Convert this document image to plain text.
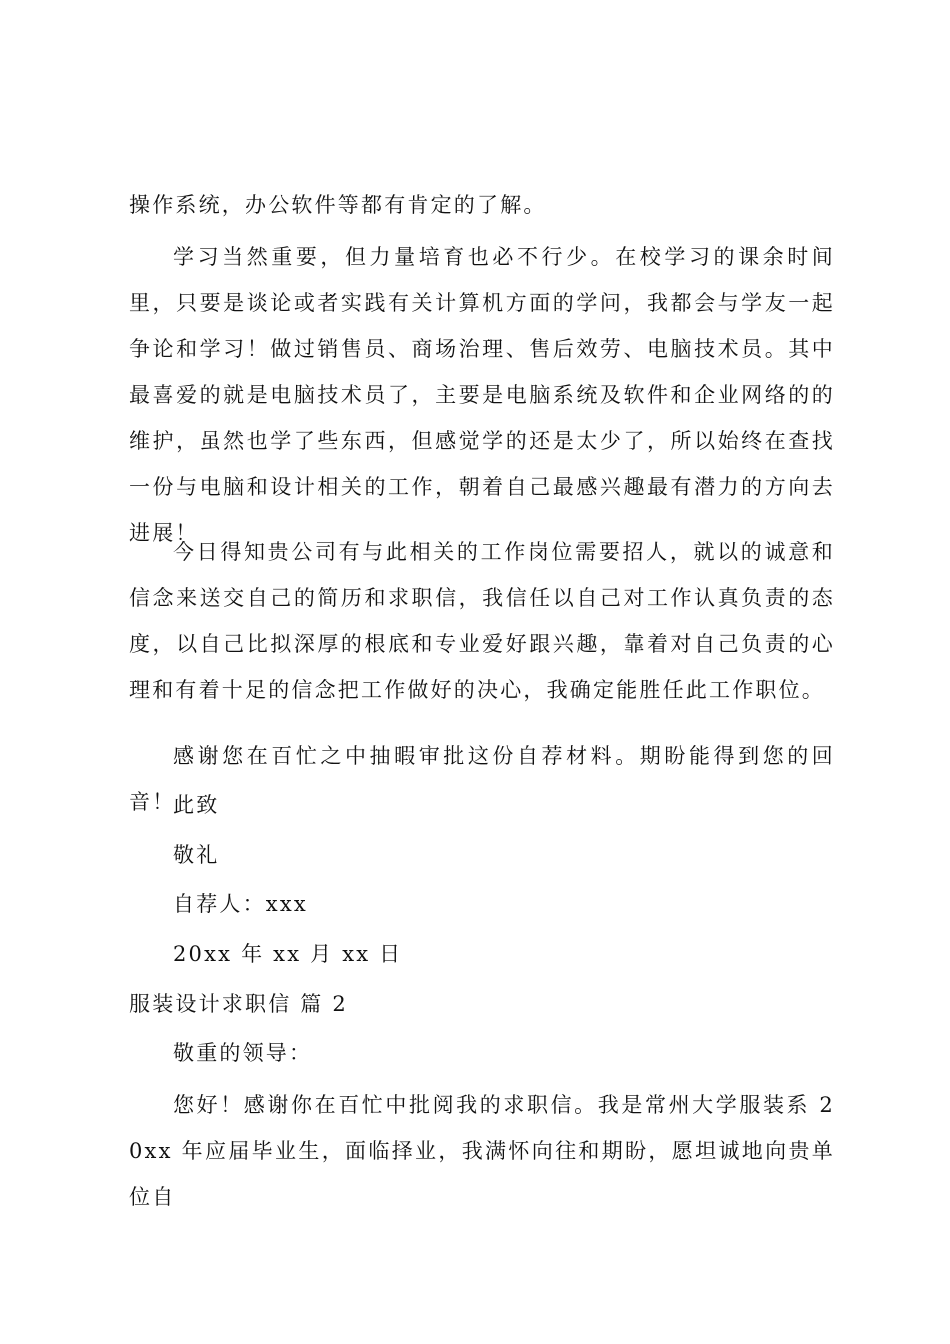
操作系统，办公软件等都有肯定的了解。
学习当然重要，但力量培育也必不行少。在校学习的课余时间里，只要是谈论或者实践有关计算机方面的学问，我都会与学友一起争论和学习！做过销售员、商场治理、售后效劳、电脑技术员。其中最喜爱的就是电脑技术员了，主要是电脑系统及软件和企业网络的的维护，虽然也学了些东西，但感觉学的还是太少了，所以始终在查找一份与电脑和设计相关的工作，朝着自己最感兴趣最有潜力的方向去进展！
今日得知贵公司有与此相关的工作岗位需要招人，就以的诚意和信念来送交自己的简历和求职信，我信任以自己对工作认真负责的态度，以自己比拟深厚的根底和专业爱好跟兴趣，靠着对自己负责的心理和有着十足的信念把工作做好的决心，我确定能胜任此工作职位。
感谢您在百忙之中抽暇审批这份自荐材料。期盼能得到您的回音！
此致
敬礼
自荐人：xxx
20xx 年 xx 月 xx 日
服装设计求职信 篇 2
敬重的领导：
您好！感谢你在百忙中批阅我的求职信。我是常州大学服装系 20xx 年应届毕业生，面临择业，我满怀向往和期盼，愿坦诚地向贵单位自
